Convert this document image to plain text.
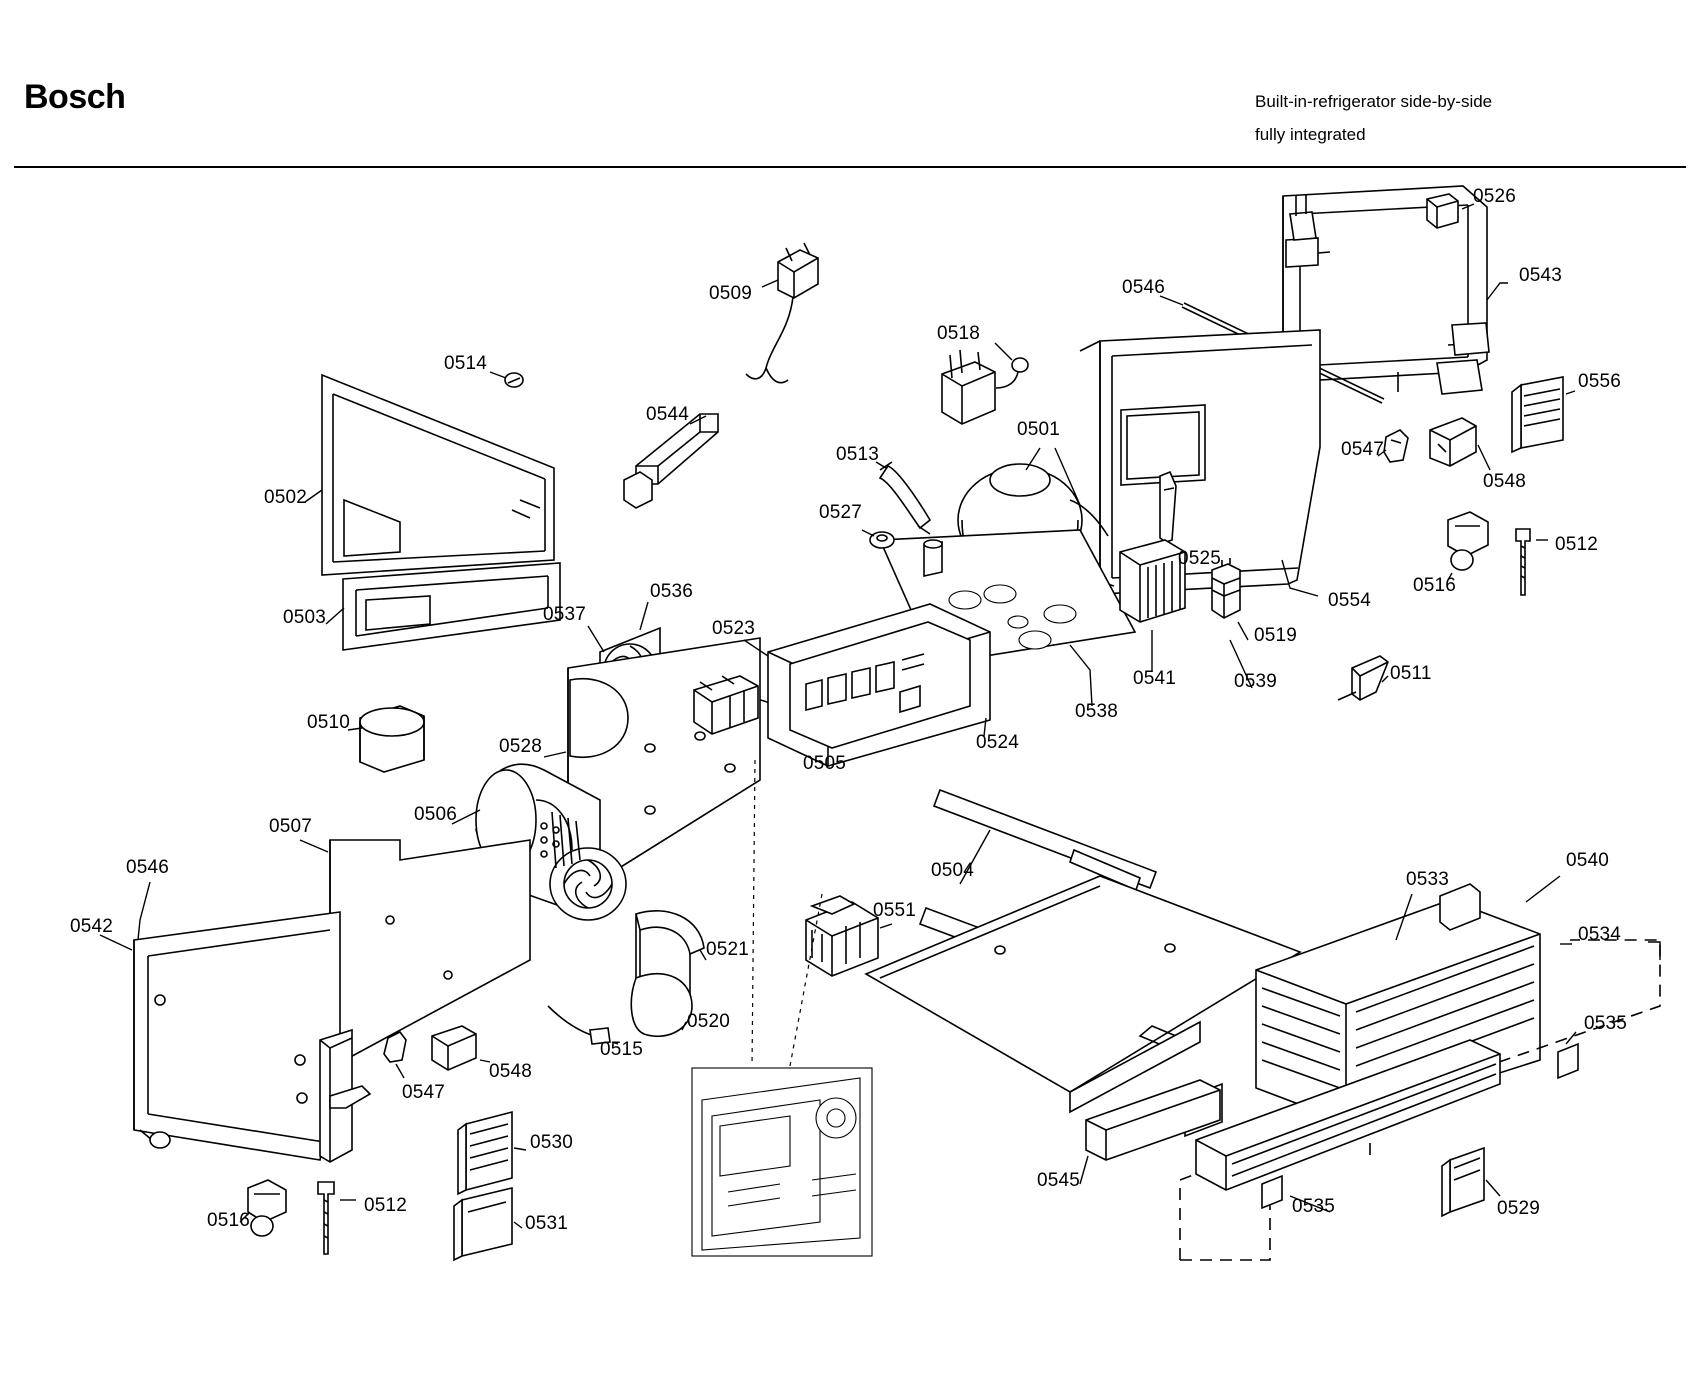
Bosch	Built-in-refrigerator side-by-side
fully integrated
0526
0543
0546
0509
0518
0514
0556
0544
0501
0547
0513
0548
0502
0527
0512
0525
0516
0554
0536
0503	0537
0523	0519
0541	0539	0511
0538
0510
0528	0524
0505
0506
0507
0504	0533
0540
0546
0551
0534
0542
0521
0535
0520
0515
0547
0548
0530
0545
0512
0516	0531
0535	0529
